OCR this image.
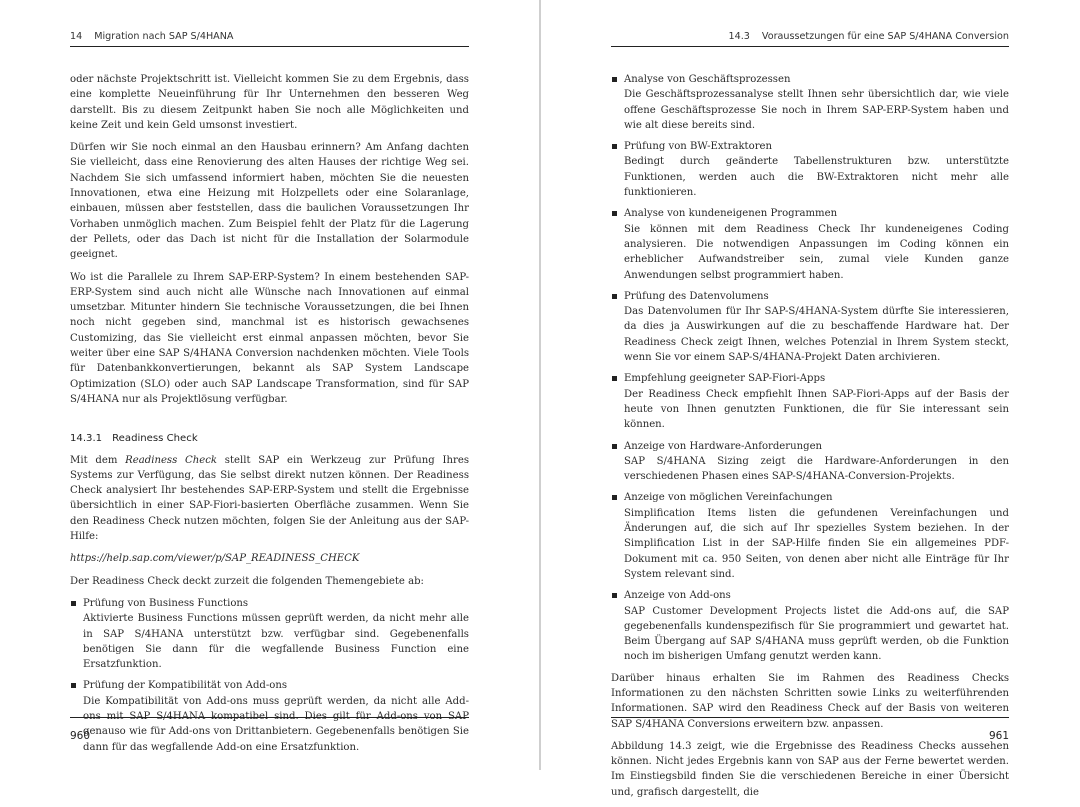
14 Migration nach SAP S/4HANA

oder nächste Projektschritt ist. Vielleicht kommen Sie zu dem Ergebnis, dass eine komplette Neueinführung für Ihr Unternehmen den besseren Weg darstellt. Bis zu diesem Zeitpunkt haben Sie noch alle Möglichkeiten und keine Zeit und kein Geld umsonst investiert.

Dürfen wir Sie noch einmal an den Hausbau erinnern? Am Anfang dachten Sie vielleicht, dass eine Renovierung des alten Hauses der richtige Weg sei. Nachdem Sie sich umfassend informiert haben, möchten Sie die neuesten Innovationen, etwa eine Heizung mit Holzpellets oder eine Solaranlage, einbauen, müssen aber feststellen, dass die baulichen Voraussetzungen Ihr Vorhaben unmöglich machen. Zum Beispiel fehlt der Platz für die Lagerung der Pellets, oder das Dach ist nicht für die Installation der Solarmodule geeignet.

Wo ist die Parallele zu Ihrem SAP-ERP-System? In einem bestehenden SAP-ERP-System sind auch nicht alle Wünsche nach Innovationen auf einmal umsetzbar. Mitunter hindern Sie technische Voraussetzungen, die bei Ihnen noch nicht gegeben sind, manchmal ist es historisch gewachsenes Customizing, das Sie vielleicht erst einmal anpassen möchten, bevor Sie weiter über eine SAP S/4HANA Conversion nachdenken möchten. Viele Tools für Datenbankkonvertierungen, bekannt als SAP System Landscape Optimization (SLO) oder auch SAP Landscape Transformation, sind für SAP S/4HANA nur als Projektlösung verfügbar.

14.3.1 Readiness Check

Mit dem Readiness Check stellt SAP ein Werkzeug zur Prüfung Ihres Systems zur Verfügung, das Sie selbst direkt nutzen können. Der Readiness Check analysiert Ihr bestehendes SAP-ERP-System und stellt die Ergebnisse übersichtlich in einer SAP-Fiori-basierten Oberfläche zusammen. Wenn Sie den Readiness Check nutzen möchten, folgen Sie der Anleitung aus der SAP-Hilfe:

https://help.sap.com/viewer/p/SAP_READINESS_CHECK

Der Readiness Check deckt zurzeit die folgenden Themengebiete ab:

Prüfung von Business Functions
Aktivierte Business Functions müssen geprüft werden, da nicht mehr alle in SAP S/4HANA unterstützt bzw. verfügbar sind. Gegebenenfalls benötigen Sie dann für die wegfallende Business Function eine Ersatzfunktion.
Prüfung der Kompatibilität von Add-ons
Die Kompatibilität von Add-ons muss geprüft werden, da nicht alle Add-ons mit SAP S/4HANA kompatibel sind. Dies gilt für Add-ons von SAP genauso wie für Add-ons von Drittanbietern. Gegebenenfalls benötigen Sie dann für das wegfallende Add-on eine Ersatzfunktion.
960
14.3 Voraussetzungen für eine SAP S/4HANA Conversion
Analyse von Geschäftsprozessen
Die Geschäftsprozessanalyse stellt Ihnen sehr übersichtlich dar, wie viele offene Geschäftsprozesse Sie noch in Ihrem SAP-ERP-System haben und wie alt diese bereits sind.
Prüfung von BW-Extraktoren
Bedingt durch geänderte Tabellenstrukturen bzw. unterstützte Funktionen, werden auch die BW-Extraktoren nicht mehr alle funktionieren.
Analyse von kundeneigenen Programmen
Sie können mit dem Readiness Check Ihr kundeneigenes Coding analysieren. Die notwendigen Anpassungen im Coding können ein erheblicher Aufwandstreiber sein, zumal viele Kunden ganze Anwendungen selbst programmiert haben.
Prüfung des Datenvolumens
Das Datenvolumen für Ihr SAP-S/4HANA-System dürfte Sie interessieren, da dies ja Auswirkungen auf die zu beschaffende Hardware hat. Der Readiness Check zeigt Ihnen, welches Potenzial in Ihrem System steckt, wenn Sie vor einem SAP-S/4HANA-Projekt Daten archivieren.
Empfehlung geeigneter SAP-Fiori-Apps
Der Readiness Check empfiehlt Ihnen SAP-Fiori-Apps auf der Basis der heute von Ihnen genutzten Funktionen, die für Sie interessant sein können.
Anzeige von Hardware-Anforderungen
SAP S/4HANA Sizing zeigt die Hardware-Anforderungen in den verschiedenen Phasen eines SAP-S/4HANA-Conversion-Projekts.
Anzeige von möglichen Vereinfachungen
Simplification Items listen die gefundenen Vereinfachungen und Änderungen auf, die sich auf Ihr spezielles System beziehen. In der Simplification List in der SAP-Hilfe finden Sie ein allgemeines PDF-Dokument mit ca. 950 Seiten, von denen aber nicht alle Einträge für Ihr System relevant sind.
Anzeige von Add-ons
SAP Customer Development Projects listet die Add-ons auf, die SAP gegebenenfalls kundenspezifisch für Sie programmiert und gewartet hat. Beim Übergang auf SAP S/4HANA muss geprüft werden, ob die Funktion noch im bisherigen Umfang genutzt werden kann.

Darüber hinaus erhalten Sie im Rahmen des Readiness Checks Informationen zu den nächsten Schritten sowie Links zu weiterführenden Informationen. SAP wird den Readiness Check auf der Basis von weiteren SAP S/4HANA Conversions erweitern bzw. anpassen.

Abbildung 14.3 zeigt, wie die Ergebnisse des Readiness Checks aussehen können. Nicht jedes Ergebnis kann von SAP aus der Ferne bewertet werden. Im Einstiegsbild finden Sie die verschiedenen Bereiche in einer Übersicht und, grafisch dargestellt, die

961
